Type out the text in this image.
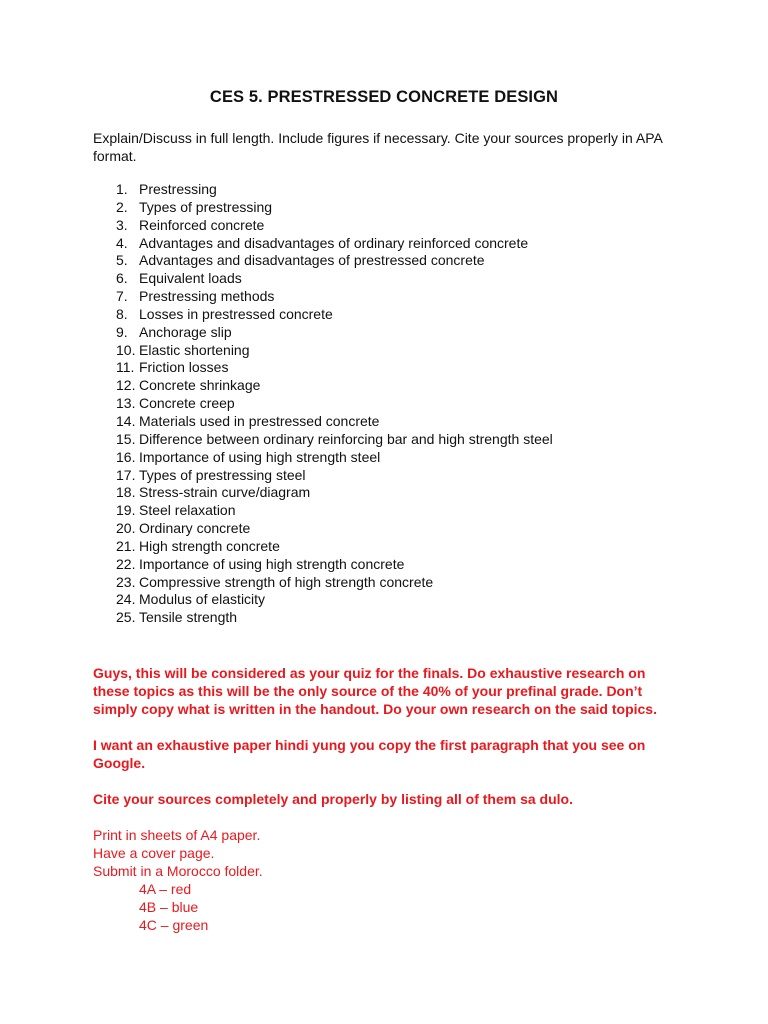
CES 5. PRESTRESSED CONCRETE DESIGN

Explain/Discuss in full length. Include figures if necessary. Cite your sources properly in APA format.

1. Prestressing
2. Types of prestressing
3. Reinforced concrete
4. Advantages and disadvantages of ordinary reinforced concrete
5. Advantages and disadvantages of prestressed concrete
6. Equivalent loads
7. Prestressing methods
8. Losses in prestressed concrete
9. Anchorage slip
10. Elastic shortening
11. Friction losses
12. Concrete shrinkage
13. Concrete creep
14. Materials used in prestressed concrete
15. Difference between ordinary reinforcing bar and high strength steel
16. Importance of using high strength steel
17. Types of prestressing steel
18. Stress-strain curve/diagram
19. Steel relaxation
20. Ordinary concrete
21. High strength concrete
22. Importance of using high strength concrete
23. Compressive strength of high strength concrete
24. Modulus of elasticity
25. Tensile strength

Guys, this will be considered as your quiz for the finals. Do exhaustive research on these topics as this will be the only source of the 40% of your prefinal grade. Don’t simply copy what is written in the handout. Do your own research on the said topics.

I want an exhaustive paper hindi yung you copy the first paragraph that you see on Google.

Cite your sources completely and properly by listing all of them sa dulo.

Print in sheets of A4 paper.

Have a cover page.

Submit in a Morocco folder.

4A – red

4B – blue

4C – green
